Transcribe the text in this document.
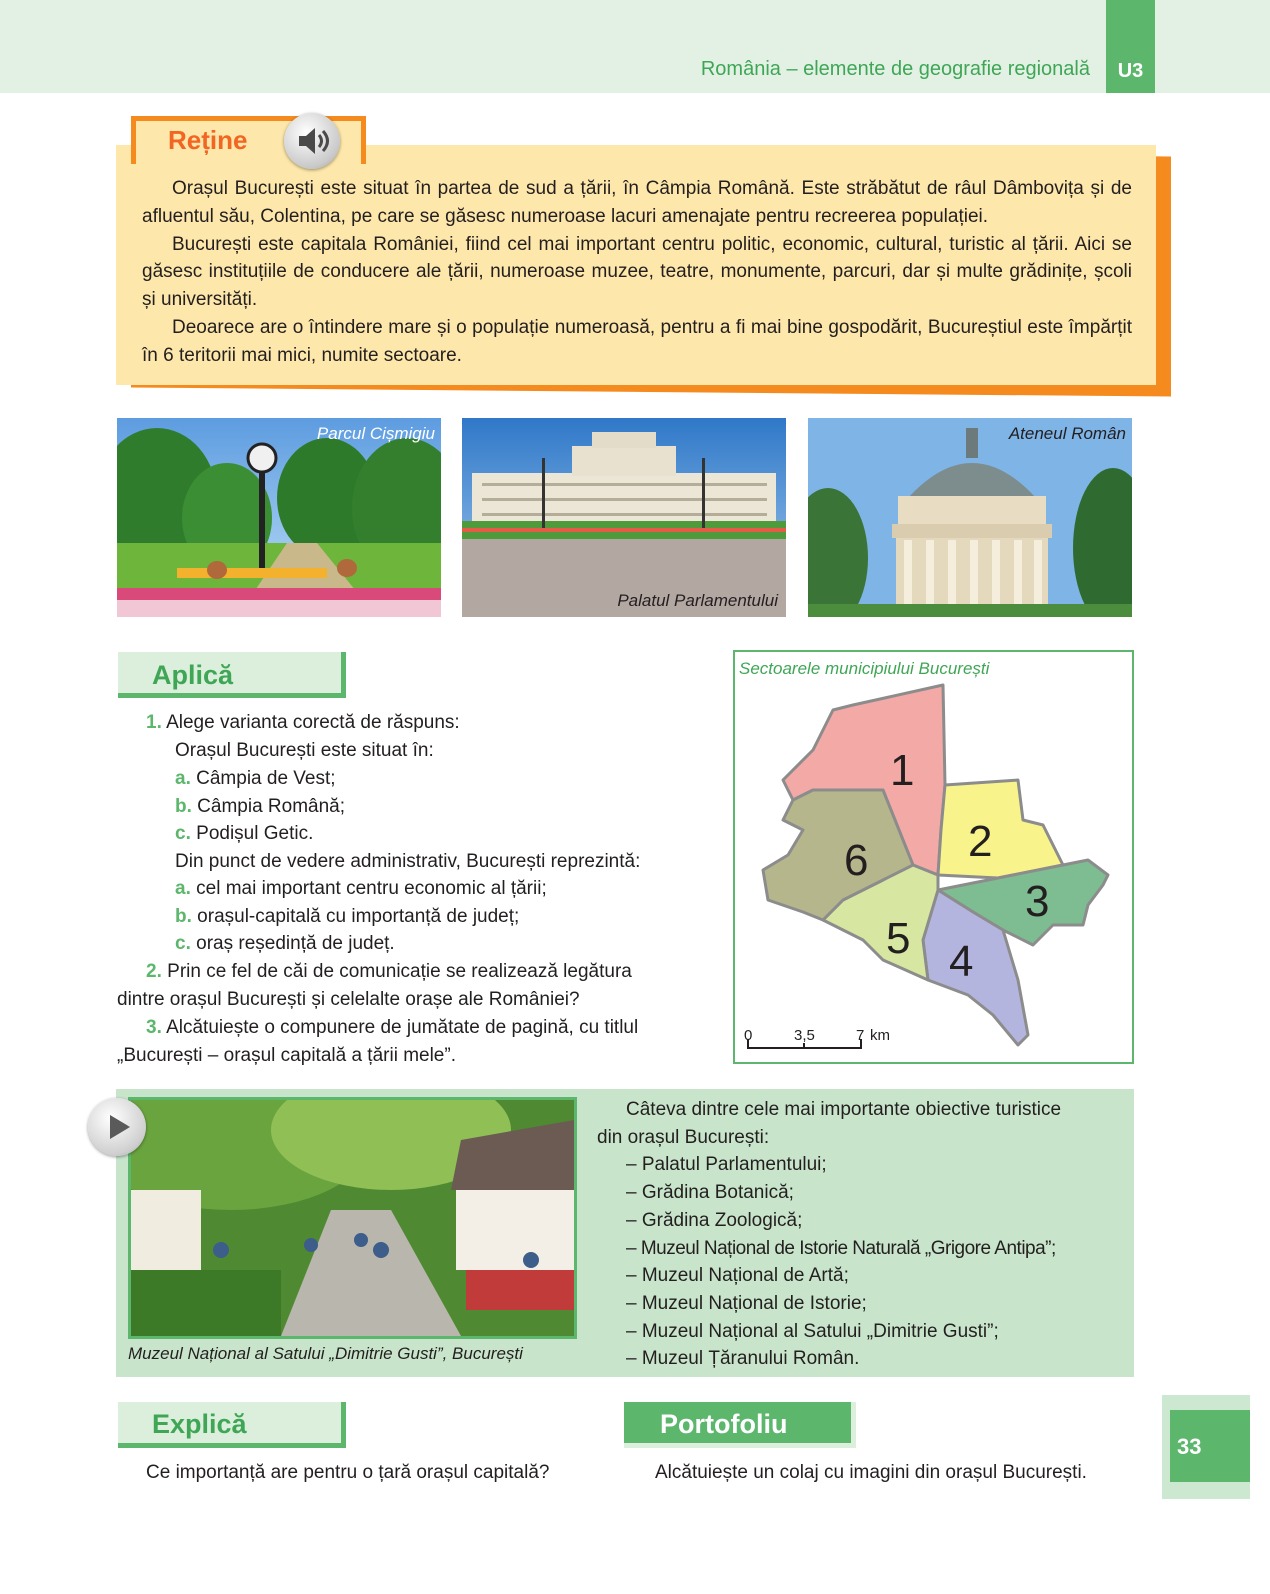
România – elemente de geografie regională	U3
Reține

Orașul București este situat în partea de sud a țării, în Câmpia Română. Este străbătut de râul Dâmbovița și de afluentul său, Colentina, pe care se găsesc numeroase lacuri amenajate pentru recreerea populației.

București este capitala României, fiind cel mai important centru politic, economic, cultural, turistic al țării. Aici se găsesc instituțiile de conducere ale țării, numeroase muzee, teatre, monumente, parcuri, dar și multe grădinițe, școli și universități.

Deoarece are o întindere mare și o populație numeroasă, pentru a fi mai bine gospodărit, Bucureștiul este împărțit în 6 teritorii mai mici, numite sectoare.

Parcul Cișmigiu
Palatul Parlamentului
Ateneul Român
Aplică
1. Alege varianta corectă de răspuns:
Orașul București este situat în:
a. Câmpia de Vest;
b. Câmpia Română;
c. Podișul Getic.
Din punct de vedere administrativ, București reprezintă:
a. cel mai important centru economic al țării;
b. orașul-capitală cu importanță de județ;
c. oraș reședință de județ.
2. Prin ce fel de căi de comunicație se realizează legătura
dintre orașul București și celelalte orașe ale României?
3. Alcătuiește o compunere de jumătate de pagină, cu titlul
„București – orașul capitală a țării mele”.
Sectoarele municipiului București
1
2
3
4
5
6
0	3,5	7 km
Muzeul Național al Satului „Dimitrie Gusti”, București
Câteva dintre cele mai importante obiective turistice
din orașul București:
– Palatul Parlamentului;
– Grădina Botanică;
– Grădina Zoologică;
– Muzeul Național de Istorie Naturală „Grigore Antipa”;
– Muzeul Național de Artă;
– Muzeul Național de Istorie;
– Muzeul Național al Satului „Dimitrie Gusti”;
– Muzeul Țăranului Român.
Explică
Ce importanță are pentru o țară orașul capitală?
Portofoliu
Alcătuiește un colaj cu imagini din orașul București.
33
